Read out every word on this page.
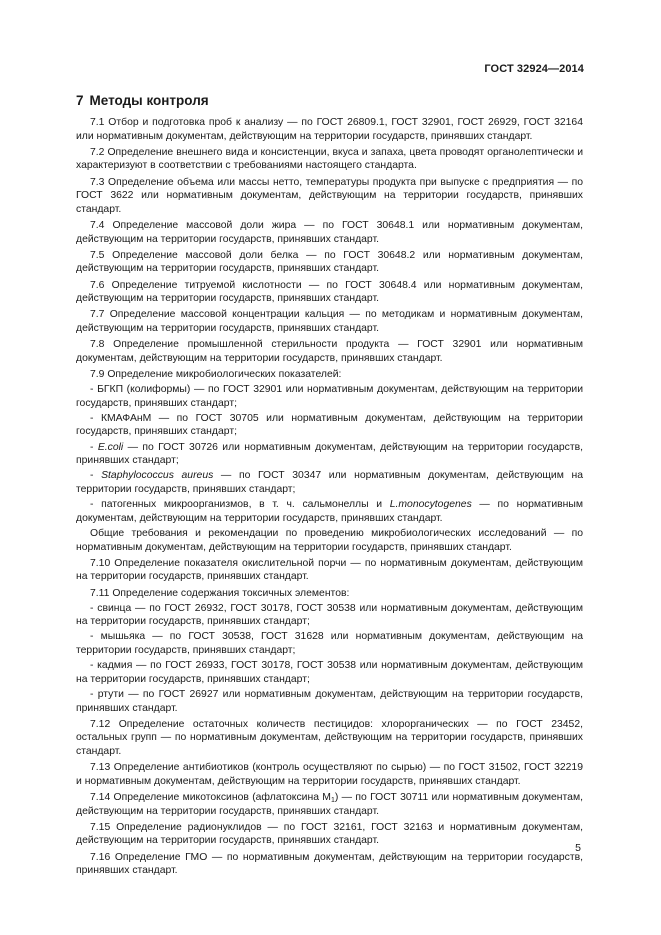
ГОСТ 32924—2014
7 Методы контроля

7.1 Отбор и подготовка проб к анализу — по ГОСТ 26809.1, ГОСТ 32901, ГОСТ 26929, ГОСТ 32164 или нормативным документам, действующим на территории государств, принявших стандарт.

7.2 Определение внешнего вида и консистенции, вкуса и запаха, цвета проводят органолептически и характеризуют в соответствии с требованиями настоящего стандарта.

7.3 Определение объема или массы нетто, температуры продукта при выпуске с предприятия — по ГОСТ 3622 или нормативным документам, действующим на территории государств, принявших стандарт.

7.4 Определение массовой доли жира — по ГОСТ 30648.1 или нормативным документам, действующим на территории государств, принявших стандарт.

7.5 Определение массовой доли белка — по ГОСТ 30648.2 или нормативным документам, действующим на территории государств, принявших стандарт.

7.6 Определение титруемой кислотности — по ГОСТ 30648.4 или нормативным документам, действующим на территории государств, принявших стандарт.

7.7 Определение массовой концентрации кальция — по методикам и нормативным документам, действующим на территории государств, принявших стандарт.

7.8 Определение промышленной стерильности продукта — ГОСТ 32901 или нормативным документам, действующим на территории государств, принявших стандарт.

7.9 Определение микробиологических показателей:

- БГКП (колиформы) — по ГОСТ 32901 или нормативным документам, действующим на территории государств, принявших стандарт;

- КМАФАнМ — по ГОСТ 30705 или нормативным документам, действующим на территории государств, принявших стандарт;

- E.coli — по ГОСТ 30726 или нормативным документам, действующим на территории государств, принявших стандарт;

- Staphylococcus aureus — по ГОСТ 30347 или нормативным документам, действующим на территории государств, принявших стандарт;

- патогенных микроорганизмов, в т. ч. сальмонеллы и L.monocytogenes — по нормативным документам, действующим на территории государств, принявших стандарт.

Общие требования и рекомендации по проведению микробиологических исследований — по нормативным документам, действующим на территории государств, принявших стандарт.

7.10 Определение показателя окислительной порчи — по нормативным документам, действующим на территории государств, принявших стандарт.

7.11 Определение содержания токсичных элементов:

- свинца — по ГОСТ 26932, ГОСТ 30178, ГОСТ 30538 или нормативным документам, действующим на территории государств, принявших стандарт;

- мышьяка — по ГОСТ 30538, ГОСТ 31628 или нормативным документам, действующим на территории государств, принявших стандарт;

- кадмия — по ГОСТ 26933, ГОСТ 30178, ГОСТ 30538 или нормативным документам, действующим на территории государств, принявших стандарт;

- ртути — по ГОСТ 26927 или нормативным документам, действующим на территории государств, принявших стандарт.

7.12 Определение остаточных количеств пестицидов: хлорорганических — по ГОСТ 23452, остальных групп — по нормативным документам, действующим на территории государств, принявших стандарт.

7.13 Определение антибиотиков (контроль осуществляют по сырью) — по ГОСТ 31502, ГОСТ 32219 и нормативным документам, действующим на территории государств, принявших стандарт.

7.14 Определение микотоксинов (афлатоксина $М_1$) — по ГОСТ 30711 или нормативным документам, действующим на территории государств, принявших стандарт.

7.15 Определение радионуклидов — по ГОСТ 32161, ГОСТ 32163 и нормативным документам, действующим на территории государств, принявших стандарт.

7.16 Определение ГМО — по нормативным документам, действующим на территории государств, принявших стандарт.

5
